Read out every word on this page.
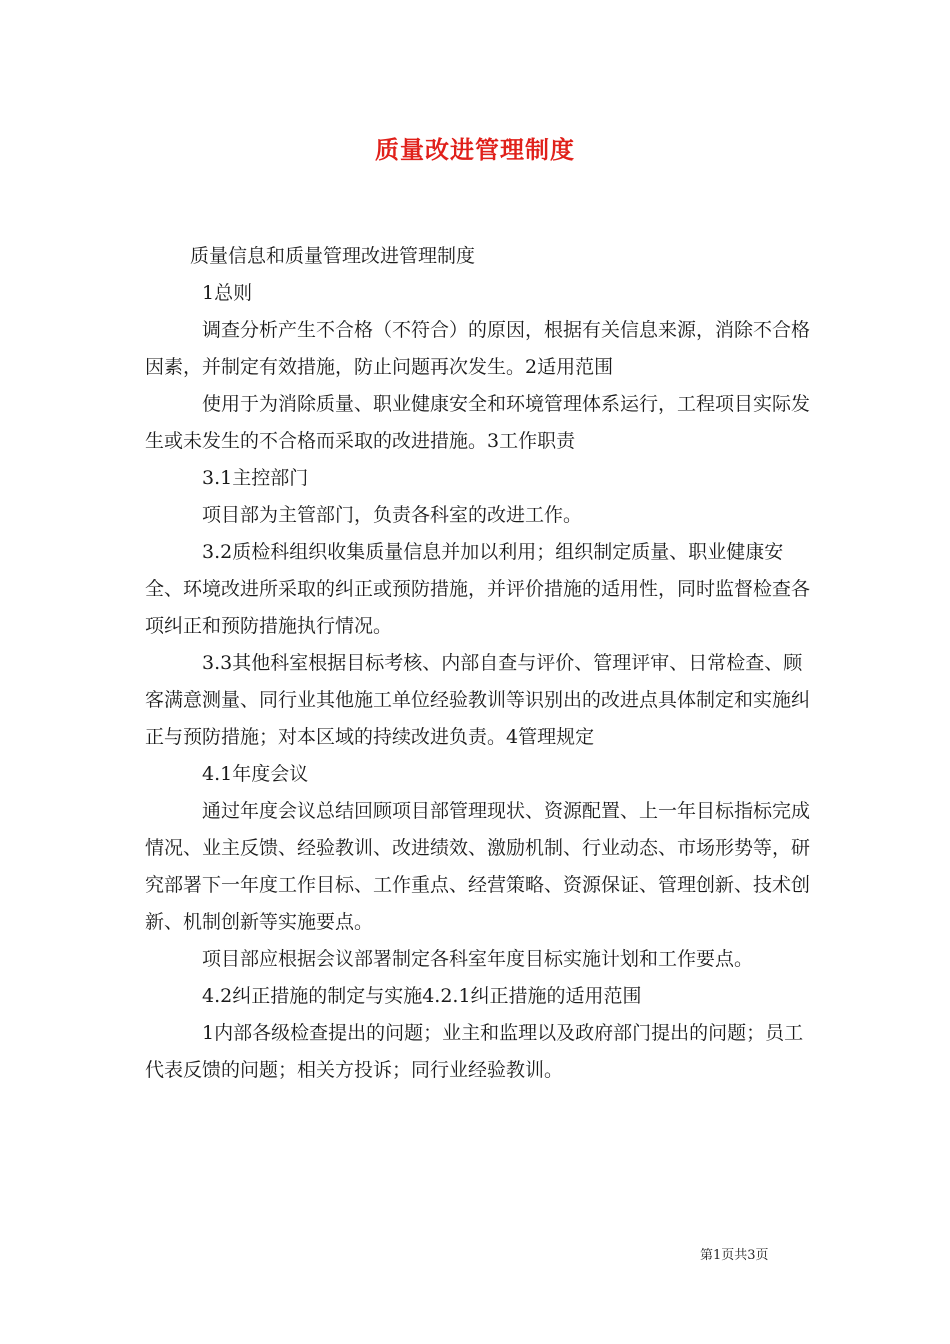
质量改进管理制度

质量信息和质量管理改进管理制度

1总则

调查分析产生不合格（不符合）的原因，根据有关信息来源，消除不合格因素，并制定有效措施，防止问题再次发生。2适用范围

使用于为消除质量、职业健康安全和环境管理体系运行，工程项目实际发生或未发生的不合格而采取的改进措施。3工作职责

3.1主控部门

项目部为主管部门，负责各科室的改进工作。

3.2质检科组织收集质量信息并加以利用；组织制定质量、职业健康安全、环境改进所采取的纠正或预防措施，并评价措施的适用性，同时监督检查各项纠正和预防措施执行情况。

3.3其他科室根据目标考核、内部自查与评价、管理评审、日常检查、顾客满意测量、同行业其他施工单位经验教训等识别出的改进点具体制定和实施纠正与预防措施；对本区域的持续改进负责。4管理规定

4.1年度会议

通过年度会议总结回顾项目部管理现状、资源配置、上一年目标指标完成情况、业主反馈、经验教训、改进绩效、激励机制、行业动态、市场形势等，研究部署下一年度工作目标、工作重点、经营策略、资源保证、管理创新、技术创新、机制创新等实施要点。

项目部应根据会议部署制定各科室年度目标实施计划和工作要点。

4.2纠正措施的制定与实施4.2.1纠正措施的适用范围

1内部各级检查提出的问题；业主和监理以及政府部门提出的问题；员工代表反馈的问题；相关方投诉；同行业经验教训。

第1页共3页
